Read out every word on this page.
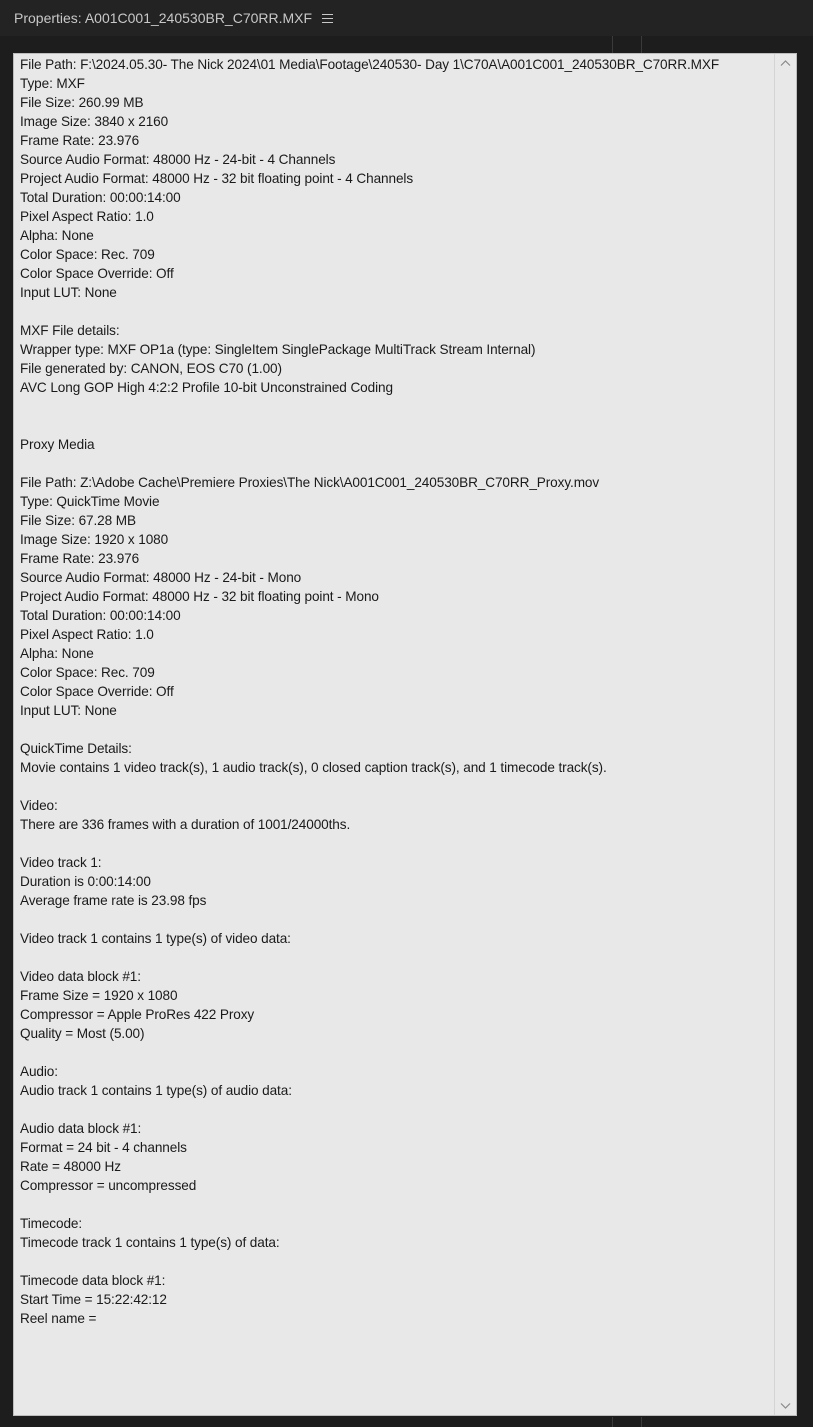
Properties: A001C001_240530BR_C70RR.MXF
File Path: F:\2024.05.30- The Nick 2024\01 Media\Footage\240530- Day 1\C70A\A001C001_240530BR_C70RR.MXF
Type: MXF
File Size: 260.99 MB
Image Size: 3840 x 2160
Frame Rate: 23.976
Source Audio Format: 48000 Hz - 24-bit - 4 Channels
Project Audio Format: 48000 Hz - 32 bit floating point - 4 Channels
Total Duration: 00:00:14:00
Pixel Aspect Ratio: 1.0
Alpha: None
Color Space: Rec. 709
Color Space Override: Off
Input LUT: None

MXF File details:
Wrapper type: MXF OP1a (type: SingleItem SinglePackage MultiTrack Stream Internal)
File generated by: CANON, EOS C70 (1.00)
AVC Long GOP High 4:2:2 Profile 10-bit Unconstrained Coding

Proxy Media

File Path: Z:\Adobe Cache\Premiere Proxies\The Nick\A001C001_240530BR_C70RR_Proxy.mov
Type: QuickTime Movie
File Size: 67.28 MB
Image Size: 1920 x 1080
Frame Rate: 23.976
Source Audio Format: 48000 Hz - 24-bit - Mono
Project Audio Format: 48000 Hz - 32 bit floating point - Mono
Total Duration: 00:00:14:00
Pixel Aspect Ratio: 1.0
Alpha: None
Color Space: Rec. 709
Color Space Override: Off
Input LUT: None

QuickTime Details:
Movie contains 1 video track(s), 1 audio track(s), 0 closed caption track(s), and 1 timecode track(s).

Video:
There are 336 frames with a duration of 1001/24000ths.

Video track 1:
Duration is 0:00:14:00
Average frame rate is 23.98 fps

Video track 1 contains 1 type(s) of video data:

Video data block #1:
Frame Size = 1920 x 1080
Compressor = Apple ProRes 422 Proxy
Quality = Most (5.00)

Audio:
Audio track 1 contains 1 type(s) of audio data:

Audio data block #1:
Format = 24 bit - 4 channels
Rate = 48000 Hz
Compressor = uncompressed

Timecode:
Timecode track 1 contains 1 type(s) of data:

Timecode data block #1:
Start Time = 15:22:42:12
Reel name =
